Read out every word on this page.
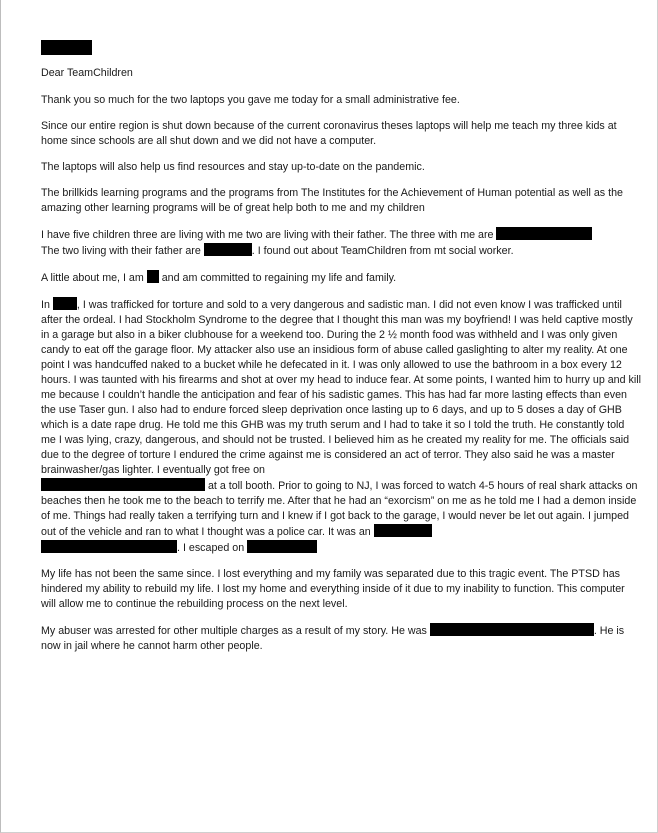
Dear TeamChildren

Thank you so much for the two laptops you gave me today for a small administrative fee.

Since our entire region is shut down because of the current coronavirus theses laptops will help me teach my three kids at home since schools are all shut down and we did not have a computer.

The laptops will also help us find resources and stay up-to-date on the pandemic.

The brillkids learning programs and the programs from The Institutes for the Achievement of Human potential as well as the amazing other learning programs will be of great help both to me and my children

I have five children three are living with me two are living with their father. The three with me are
The two living with their father are	. I found out about TeamChildren from mt social worker.

A little about me, I am  and am committed to regaining my life and family.

In , I was trafficked for torture and sold to a very dangerous and sadistic man. I did not even know I was trafficked until after the ordeal. I had Stockholm Syndrome to the degree that I thought this man was my boyfriend! I was held captive mostly in a garage but also in a biker clubhouse for a weekend too. During the 2 ½ month food was withheld and I was only given candy to eat off the garage floor. My attacker also use an insidious form of abuse called gaslighting to alter my reality. At one point I was handcuffed naked to a bucket while he defecated in it. I was only allowed to use the bathroom in a box every 12 hours. I was taunted with his firearms and shot at over my head to induce fear. At some points, I wanted him to hurry up and kill me because I couldn’t handle the anticipation and fear of his sadistic games. This has had far more lasting effects than even the use Taser gun. I also had to endure forced sleep deprivation once lasting up to 6 days, and up to 5 doses a day of GHB which is a date rape drug. He told me this GHB was my truth serum and I had to take it so I told the truth. He constantly told me I was lying, crazy, dangerous, and should not be trusted. I believed him as he created my reality for me. The officials said due to the degree of torture I endured the crime against me is considered an act of terror. They also said he was a master brainwasher/gas lighter. I eventually got free on
at a toll booth. Prior to going to NJ, I was forced to watch 4-5 hours of real shark attacks on beaches then he took me to the beach to terrify me. After that he had an “exorcism” on me as he told me I had a demon inside of me. Things had really taken a terrifying turn and I knew if I got back to the garage, I would never be let out again. I jumped out of the vehicle and ran to what I thought was a police car. It was an
. I escaped on

My life has not been the same since. I lost everything and my family was separated due to this tragic event. The PTSD has hindered my ability to rebuild my life. I lost my home and everything inside of it due to my inability to function. This computer will allow me to continue the rebuilding process on the next level.

My abuser was arrested for other multiple charges as a result of my story. He was	. He is now in jail where he cannot harm other people.
